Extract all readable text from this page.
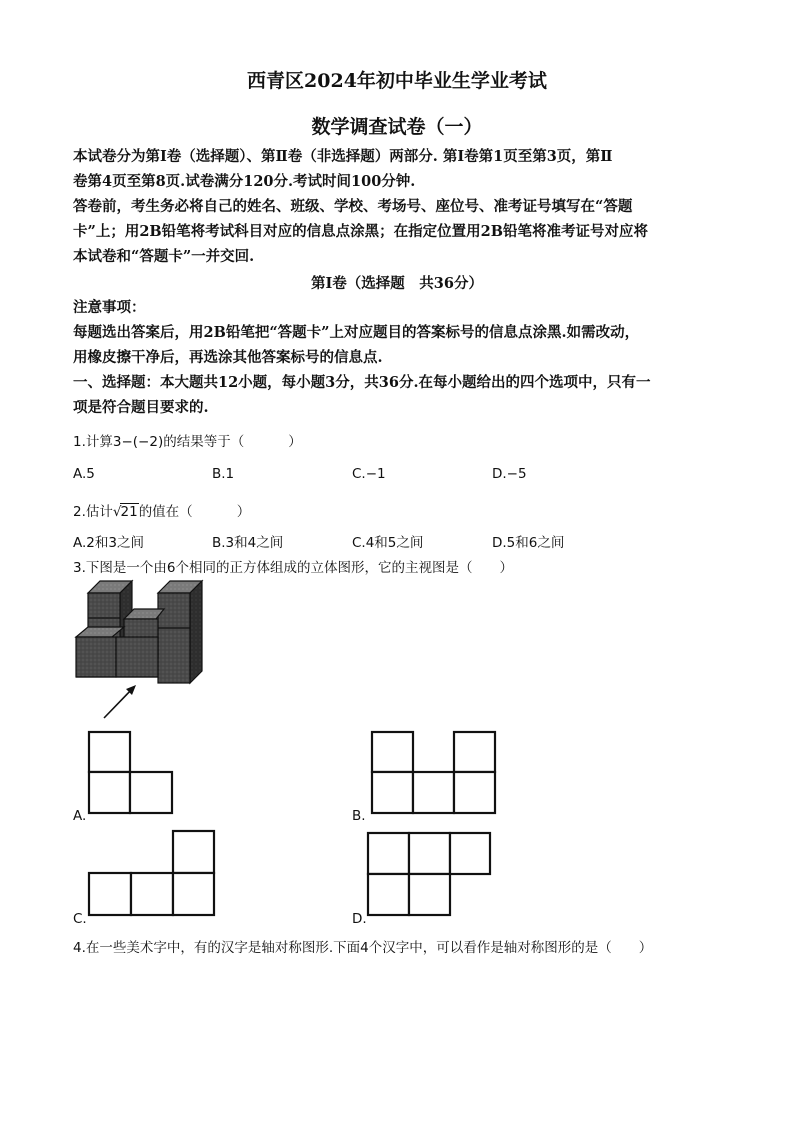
西青区2024年初中毕业生学业考试
数学调查试卷（一）
本试卷分为第Ⅰ卷（选择题）、第Ⅱ卷（非选择题）两部分. 第Ⅰ卷第1页至第3页，第Ⅱ
卷第4页至第8页.试卷满分120分.考试时间100分钟.
答卷前，考生务必将自己的姓名、班级、学校、考场号、座位号、准考证号填写在“答题
卡”上；用2B铅笔将考试科目对应的信息点涂黑；在指定位置用2B铅笔将准考证号对应将
本试卷和“答题卡”一并交回.
第Ⅰ卷（选择题　共36分）
注意事项：
每题选出答案后，用2B铅笔把“答题卡”上对应题目的答案标号的信息点涂黑.如需改动，
用橡皮擦干净后，再选涂其他答案标号的信息点.
一、选择题：本大题共12小题，每小题3分，共36分.在每小题给出的四个选项中，只有一
项是符合题目要求的.
1.计算3−(−2)的结果等于（	）
A.5	B.1	C.−1	D.−5
2.估计√21的值在（	）
A.2和3之间	B.3和4之间	C.4和5之间	D.5和6之间
3.下图是一个由6个相同的正方体组成的立体图形，它的主视图是（　　）
A.	B.
C.	D.
4.在一些美术字中，有的汉字是轴对称图形.下面4个汉字中，可以看作是轴对称图形的是（　　）
